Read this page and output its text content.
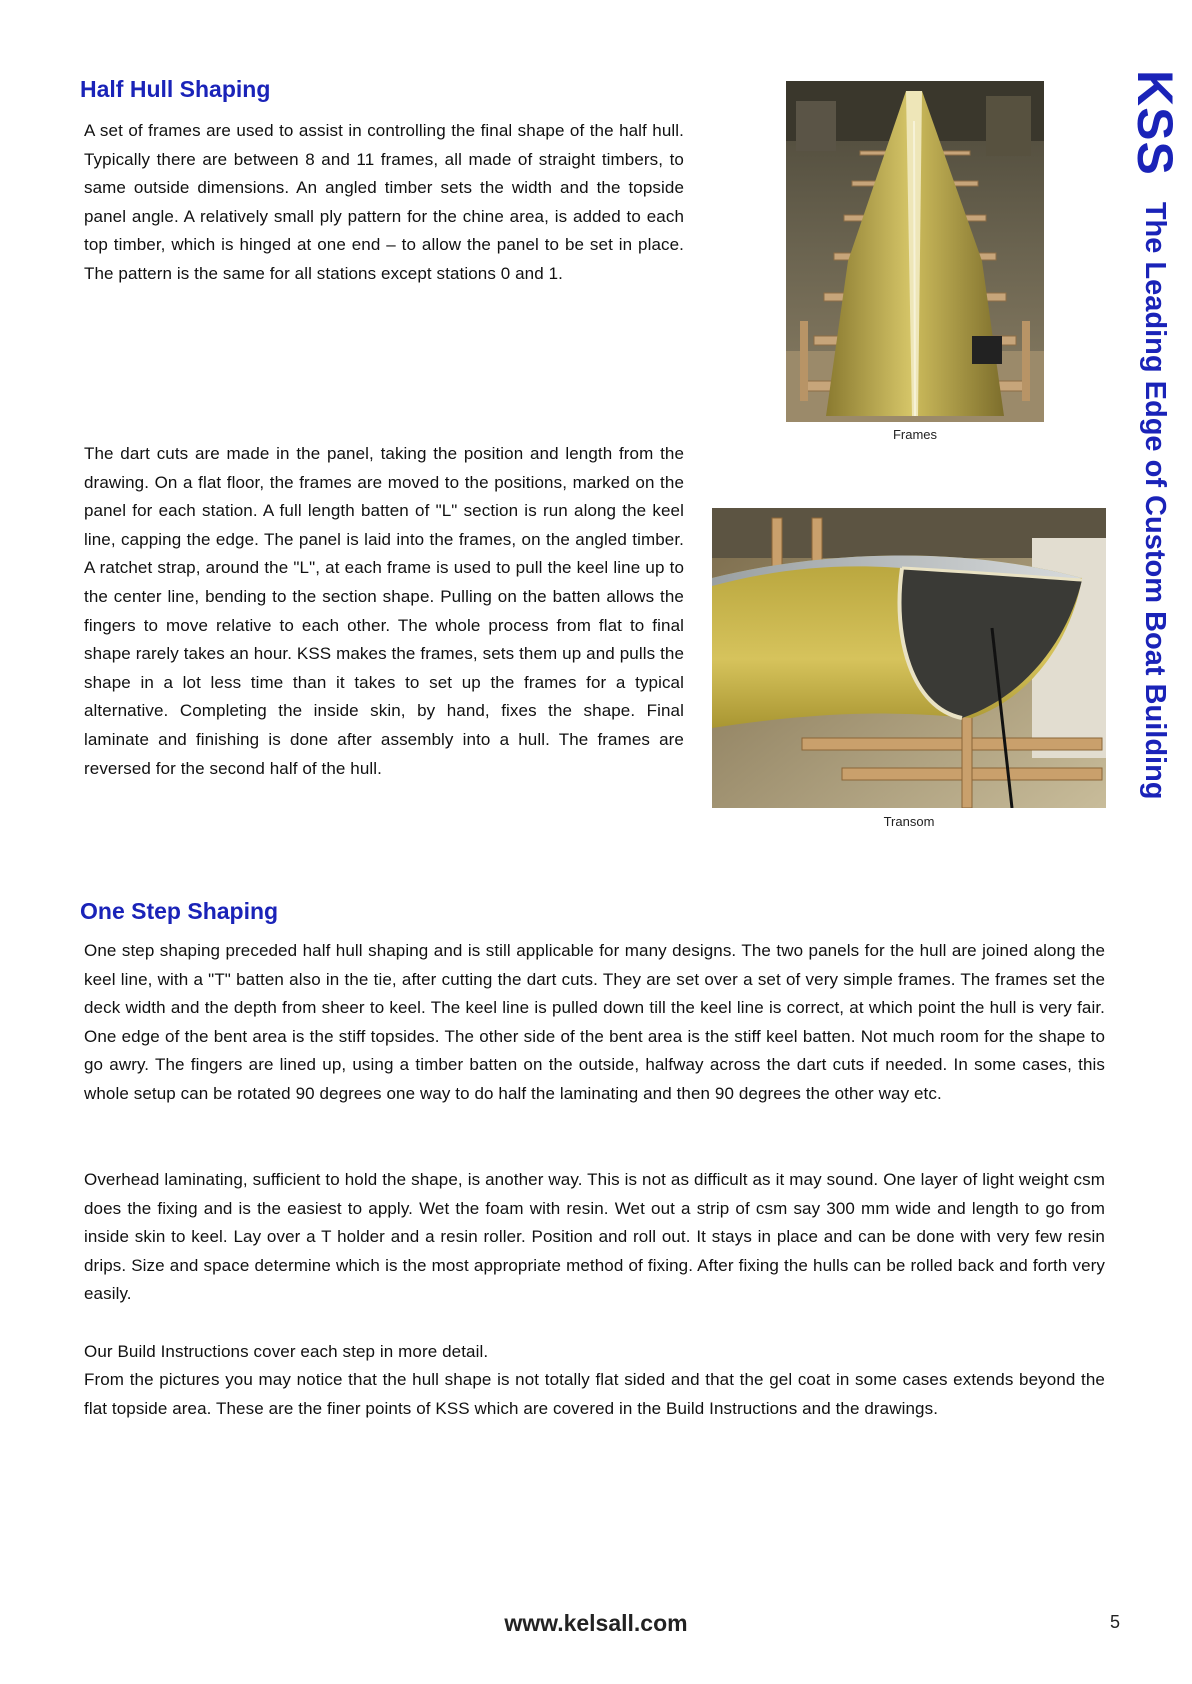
KSSThe Leading Edge of Custom Boat Building
Half Hull Shaping

A set of frames are used to assist in controlling the final shape of the half hull. Typically there are between 8 and 11 frames, all made of straight timbers, to same outside dimensions. An angled timber sets the width and the topside panel angle. A relatively small ply pattern for the chine area, is added to each top timber, which is hinged at one end – to allow the panel to be set in place. The pattern is the same for all stations except stations 0 and 1.

The dart cuts are made in the panel, taking the position and length from the drawing. On a flat floor, the frames are moved to the positions, marked on the panel for each station. A full length batten of "L" section is run along the keel line, capping the edge. The panel is laid into the frames, on the angled timber. A ratchet strap, around the "L", at each frame is used to pull the keel line up to the center line, bending to the section shape. Pulling on the batten allows the fingers to move relative to each other. The whole process from flat to final shape rarely takes an hour. KSS makes the frames, sets them up and pulls the shape in a lot less time than it takes to set up the frames for a typical alternative. Completing the inside skin, by hand, fixes the shape. Final laminate and finishing is done after assembly into a hull. The frames are reversed for the second half of the hull.

Frames
Transom
One Step Shaping

One step shaping preceded half hull shaping and is still applicable for many designs. The two panels for the hull are joined along the keel line, with a "T" batten also in the tie, after cutting the dart cuts. They are set over a set of very simple frames. The frames set the deck width and the depth from sheer to keel. The keel line is pulled down till the keel line is correct, at which point the hull is very fair. One edge of the bent area is the stiff topsides. The other side of the bent area is the stiff keel batten. Not much room for the shape to go awry. The fingers are lined up, using a timber batten on the outside, halfway across the dart cuts if needed. In some cases, this whole setup can be rotated 90 degrees one way to do half the laminating and then 90 degrees the other way etc.

Overhead laminating, sufficient to hold the shape, is another way. This is not as difficult as it may sound. One layer of light weight csm does the fixing and is the easiest to apply. Wet the foam with resin. Wet out a strip of csm say 300 mm wide and length to go from inside skin to keel. Lay over a T holder and a resin roller. Position and roll out. It stays in place and can be done with very few resin drips. Size and space determine which is the most appropriate method of fixing. After fixing the hulls can be rolled back and forth very easily.

Our Build Instructions cover each step in more detail.

From the pictures you may notice that the hull shape is not totally flat sided and that the gel coat in some cases extends beyond the flat topside area. These are the finer points of KSS which are covered in the Build Instructions and the drawings.

www.kelsall.com	5
